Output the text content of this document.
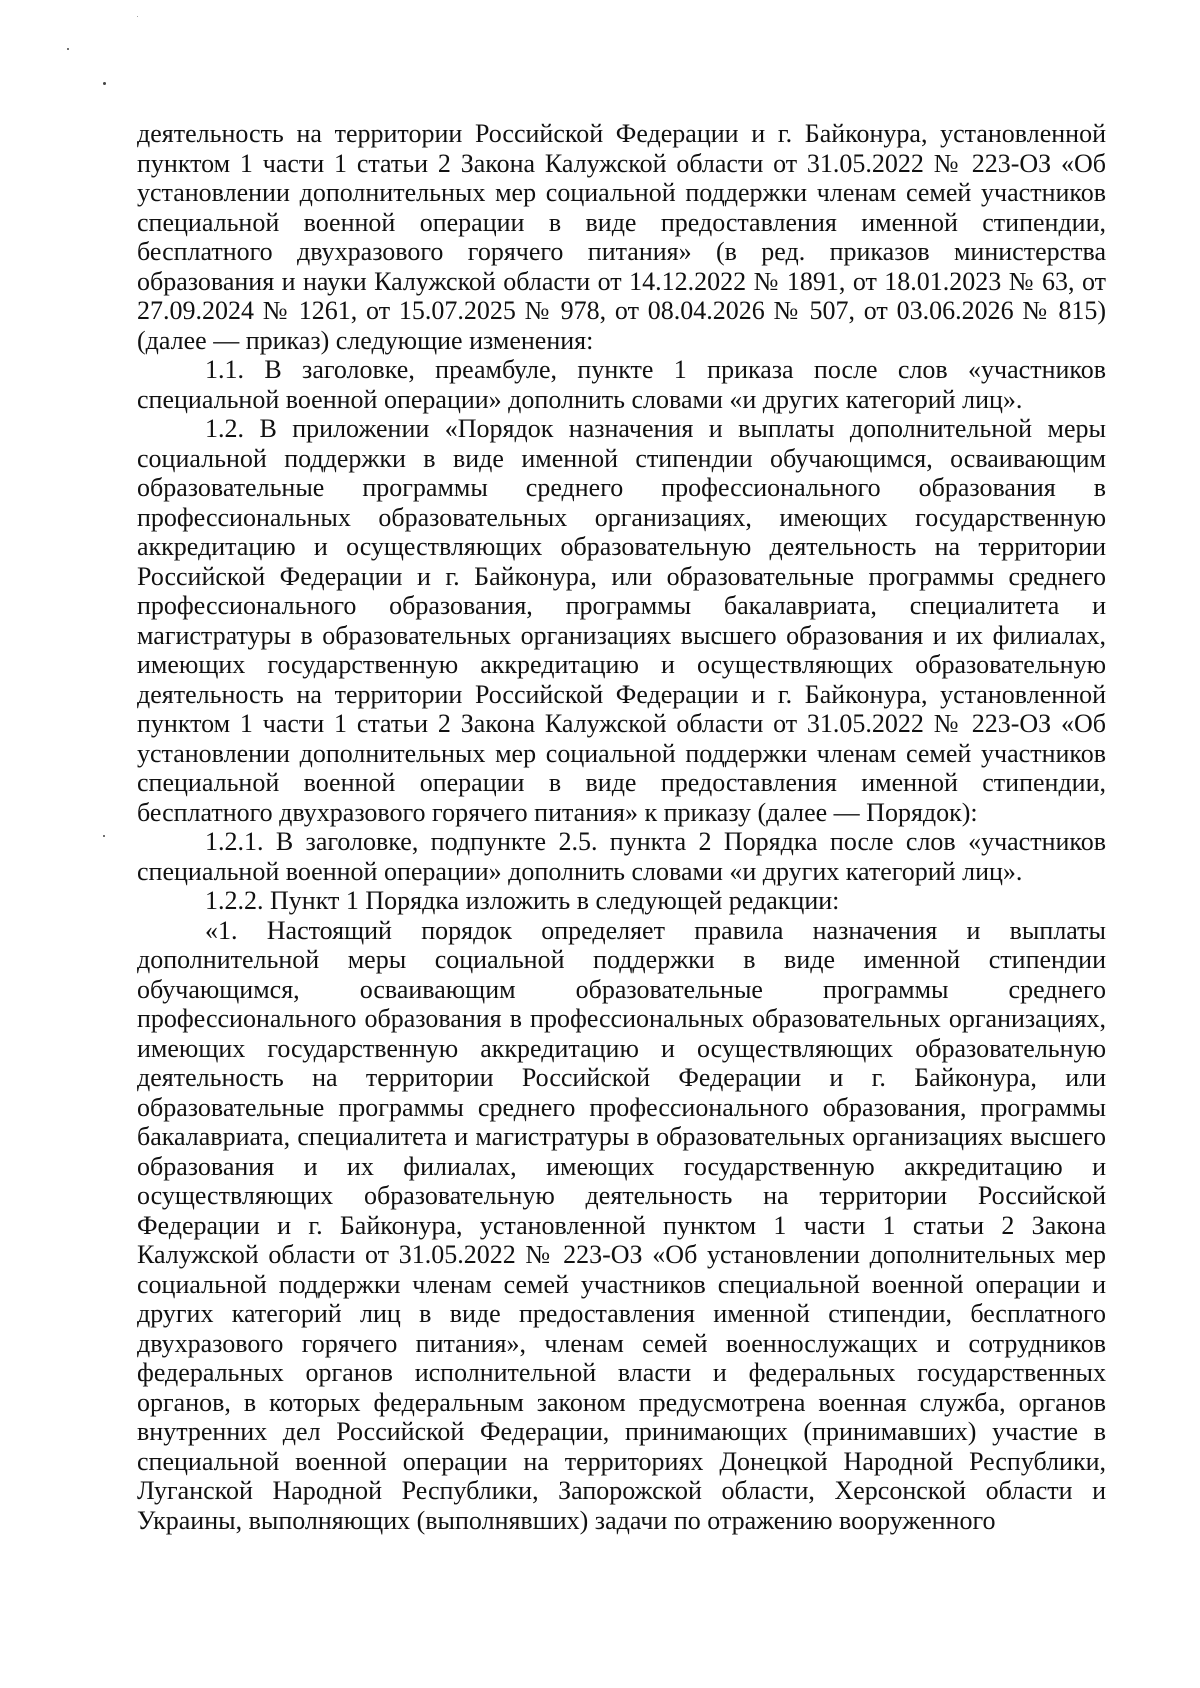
деятельность на территории Российской Федерации и г. Байконура, установленной пунктом 1 части 1 статьи 2 Закона Калужской области от 31.05.2022 № 223-ОЗ «Об установлении дополнительных мер социальной поддержки членам семей участников специальной военной операции в виде предоставления именной стипендии, бесплатного двухразового горячего питания» (в ред. приказов министерства образования и науки Калужской области от 14.12.2022 № 1891, от 18.01.2023 № 63, от 27.09.2024 № 1261, от 15.07.2025 № 978, от 08.04.2026 № 507, от 03.06.2026 № 815) (далее — приказ) следующие изменения:

1.1. В заголовке, преамбуле, пункте 1 приказа после слов «участников специальной военной операции» дополнить словами «и других категорий лиц».

1.2. В приложении «Порядок назначения и выплаты дополнительной меры социальной поддержки в виде именной стипендии обучающимся, осваивающим образовательные программы среднего профессионального образования в профессиональных образовательных организациях, имеющих государственную аккредитацию и осуществляющих образовательную деятельность на территории Российской Федерации и г. Байконура, или образовательные программы среднего профессионального образования, программы бакалавриата, специалитета и магистратуры в образовательных организациях высшего образования и их филиалах, имеющих государственную аккредитацию и осуществляющих образовательную деятельность на территории Российской Федерации и г. Байконура, установленной пунктом 1 части 1 статьи 2 Закона Калужской области от 31.05.2022 № 223-ОЗ «Об установлении дополнительных мер социальной поддержки членам семей участников специальной военной операции в виде предоставления именной стипендии, бесплатного двухразового горячего питания» к приказу (далее — Порядок):

1.2.1. В заголовке, подпункте 2.5. пункта 2 Порядка после слов «участников специальной военной операции» дополнить словами «и других категорий лиц».

1.2.2. Пункт 1 Порядка изложить в следующей редакции:

«1. Настоящий порядок определяет правила назначения и выплаты дополнительной меры социальной поддержки в виде именной стипендии обучающимся, осваивающим образовательные программы среднего профессионального образования в профессиональных образовательных организациях, имеющих государственную аккредитацию и осуществляющих образовательную деятельность на территории Российской Федерации и г. Байконура, или образовательные программы среднего профессионального образования, программы бакалавриата, специалитета и магистратуры в образовательных организациях высшего образования и их филиалах, имеющих государственную аккредитацию и осуществляющих образовательную деятельность на территории Российской Федерации и г. Байконура, установленной пунктом 1 части 1 статьи 2 Закона Калужской области от 31.05.2022 № 223-ОЗ «Об установлении дополнительных мер социальной поддержки членам семей участников специальной военной операции и других категорий лиц в виде предоставления именной стипендии, бесплатного двухразового горячего питания», членам семей военнослужащих и сотрудников федеральных органов исполнительной власти и федеральных государственных органов, в которых федеральным законом предусмотрена военная служба, органов внутренних дел Российской Федерации, принимающих (принимавших) участие в специальной военной операции на территориях Донецкой Народной Республики, Луганской Народной Республики, Запорожской области, Херсонской области и Украины, выполняющих (выполнявших) задачи по отражению вооруженного
